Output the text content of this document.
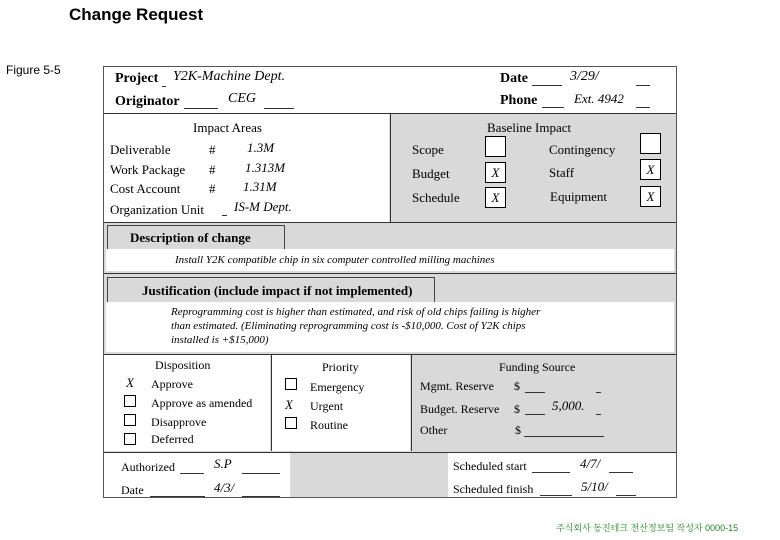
Change Request
Figure 5-5
Project Y2K-Machine Dept.
Originator	CEG
Date	3/29/
Phone	Ext. 4942
Impact Areas
Deliverable	# 1.3M
Work Package # 1.313M
Cost Account # 1.31M
Organization Unit IS-M Dept.
Baseline Impact
Scope
Budget	X
Schedule	X
Contingency
Staff	X
Equipment	X
Description of change
Install Y2K compatible chip in six computer controlled milling machines
Justification (include impact if not implemented)
Reprogramming cost is higher than estimated, and risk of old chips failing is higher
than estimated. (Eliminating reprogramming cost is -$10,000. Cost of Y2K chips
installed is +$15,000)
Disposition
X Approve
Approve as amended
Disapprove
Deferred
Priority
Emergency
X Urgent
Routine
Funding Source
Mgmt. Reserve $
Budget. Reserve $ 5,000.
Other	$
Authorized	S.P
Date	4/3/
Scheduled start	4/7/
Scheduled finish	5/10/
주식회사 동진테크 전산정보팀 작성자 0000-15
